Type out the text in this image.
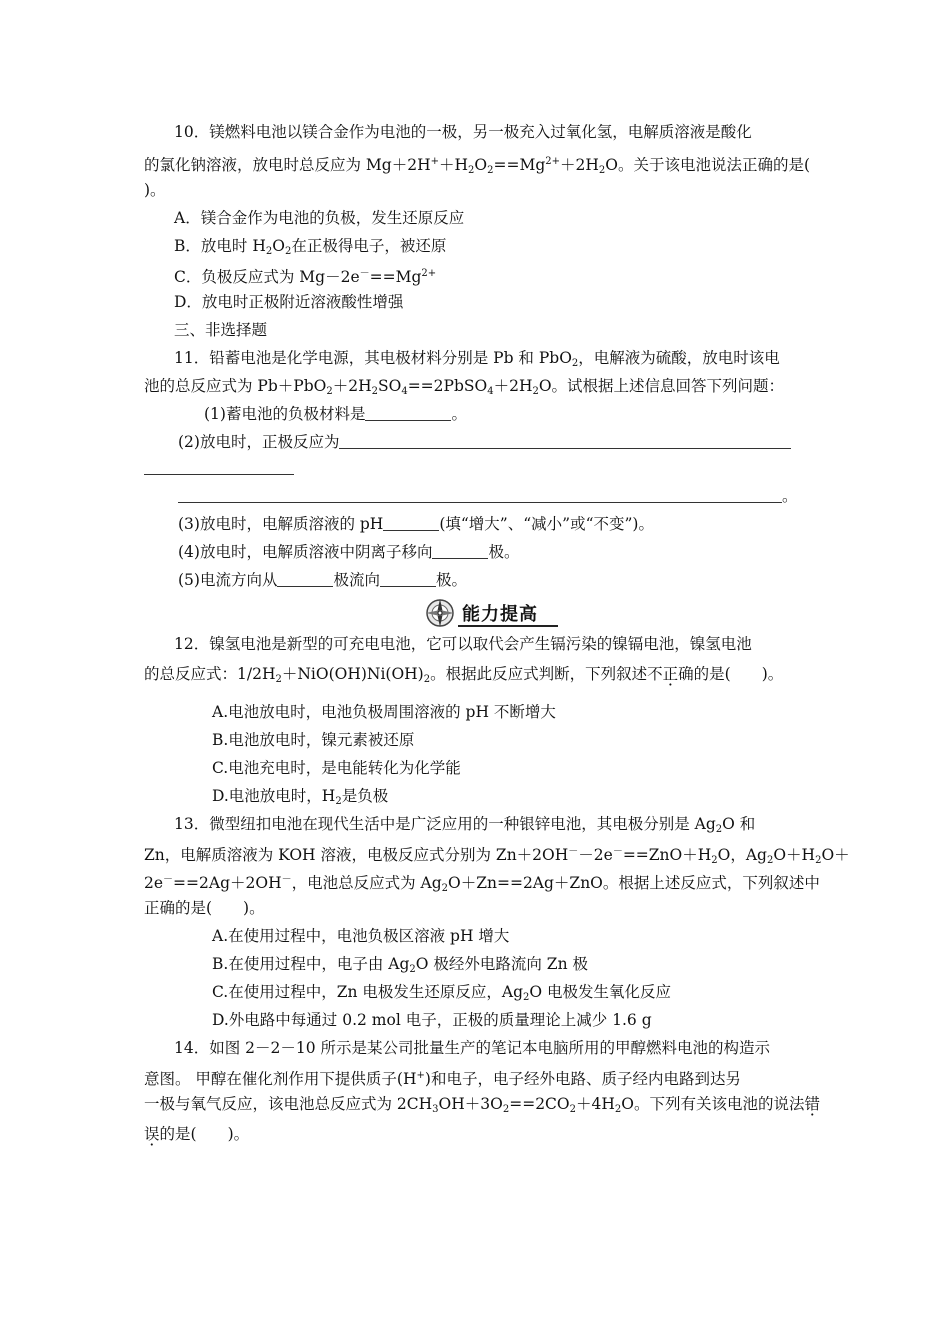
10．镁燃料电池以镁合金作为电池的一极，另一极充入过氧化氢，电解质溶液是酸化
的氯化钠溶液，放电时总反应为 $Mg+2H^++H_2O_2==Mg^{2+}+2H_2O$。关于该电池说法正确的是(
)。
A．镁合金作为电池的负极，发生还原反应
B．放电时 $H_2O_2$在正极得电子，被还原
C．负极反应式为 $Mg-2e^-==Mg^{2+}$
D．放电时正极附近溶液酸性增强
三、非选择题
11．铅蓄电池是化学电源，其电极材料分别是 Pb 和 PbO$_2$，电解液为硫酸，放电时该电
池的总反应式为 $Pb+PbO_2+2H_2SO_4==2PbSO_4+2H_2O$。试根据上述信息回答下列问题：
(1)蓄电池的负极材料是	。
(2)放电时，正极反应为
。
(3)放电时，电解质溶液的 pH	(填“增大”、“减小”或“不变”)。
(4)放电时，电解质溶液中阴离子移向	极。
(5)电流方向从	极流向	极。
能力提高
12．镍氢电池是新型的可充电电池，它可以取代会产生镉污染的镍镉电池，镍氢电池
的总反应式：$1/2H_2+NiO(OH)Ni(OH)_2$。根据此反应式判断，下列叙述不正确的是(　　)。
A.电池放电时，电池负极周围溶液的 pH 不断增大
B.电池放电时，镍元素被还原
C.电池充电时，是电能转化为化学能
D.电池放电时，$H_2$是负极
13．微型纽扣电池在现代生活中是广泛应用的一种银锌电池，其电极分别是 $Ag_2O$ 和
Zn，电解质溶液为 KOH 溶液，电极反应式分别为 $Zn+2OH^--2e^-==ZnO+H_2O$，$Ag_2O+H_2O+$
2e－==2Ag＋2OH－，电池总反应式为 $Ag_2O+Zn==2Ag+ZnO$。根据上述反应式，下列叙述中
正确的是(　　)。
A.在使用过程中，电池负极区溶液 pH 增大
B.在使用过程中，电子由 $Ag_2O$ 极经外电路流向 Zn 极
C.在使用过程中，Zn 电极发生还原反应，$Ag_2O$ 电极发生氧化反应
D.外电路中每通过 0.2 mol 电子，正极的质量理论上减少 1.6 g
14．如图 2－2－10 所示是某公司批量生产的笔记本电脑所用的甲醇燃料电池的构造示
意图。 甲醇在催化剂作用下提供质子(H+)和电子，电子经外电路、质子经内电路到达另
一极与氧气反应，该电池总反应式为 $2CH_3OH+3O_2==2CO_2+4H_2O$。下列有关该电池的说法错
误的是(　　)。
